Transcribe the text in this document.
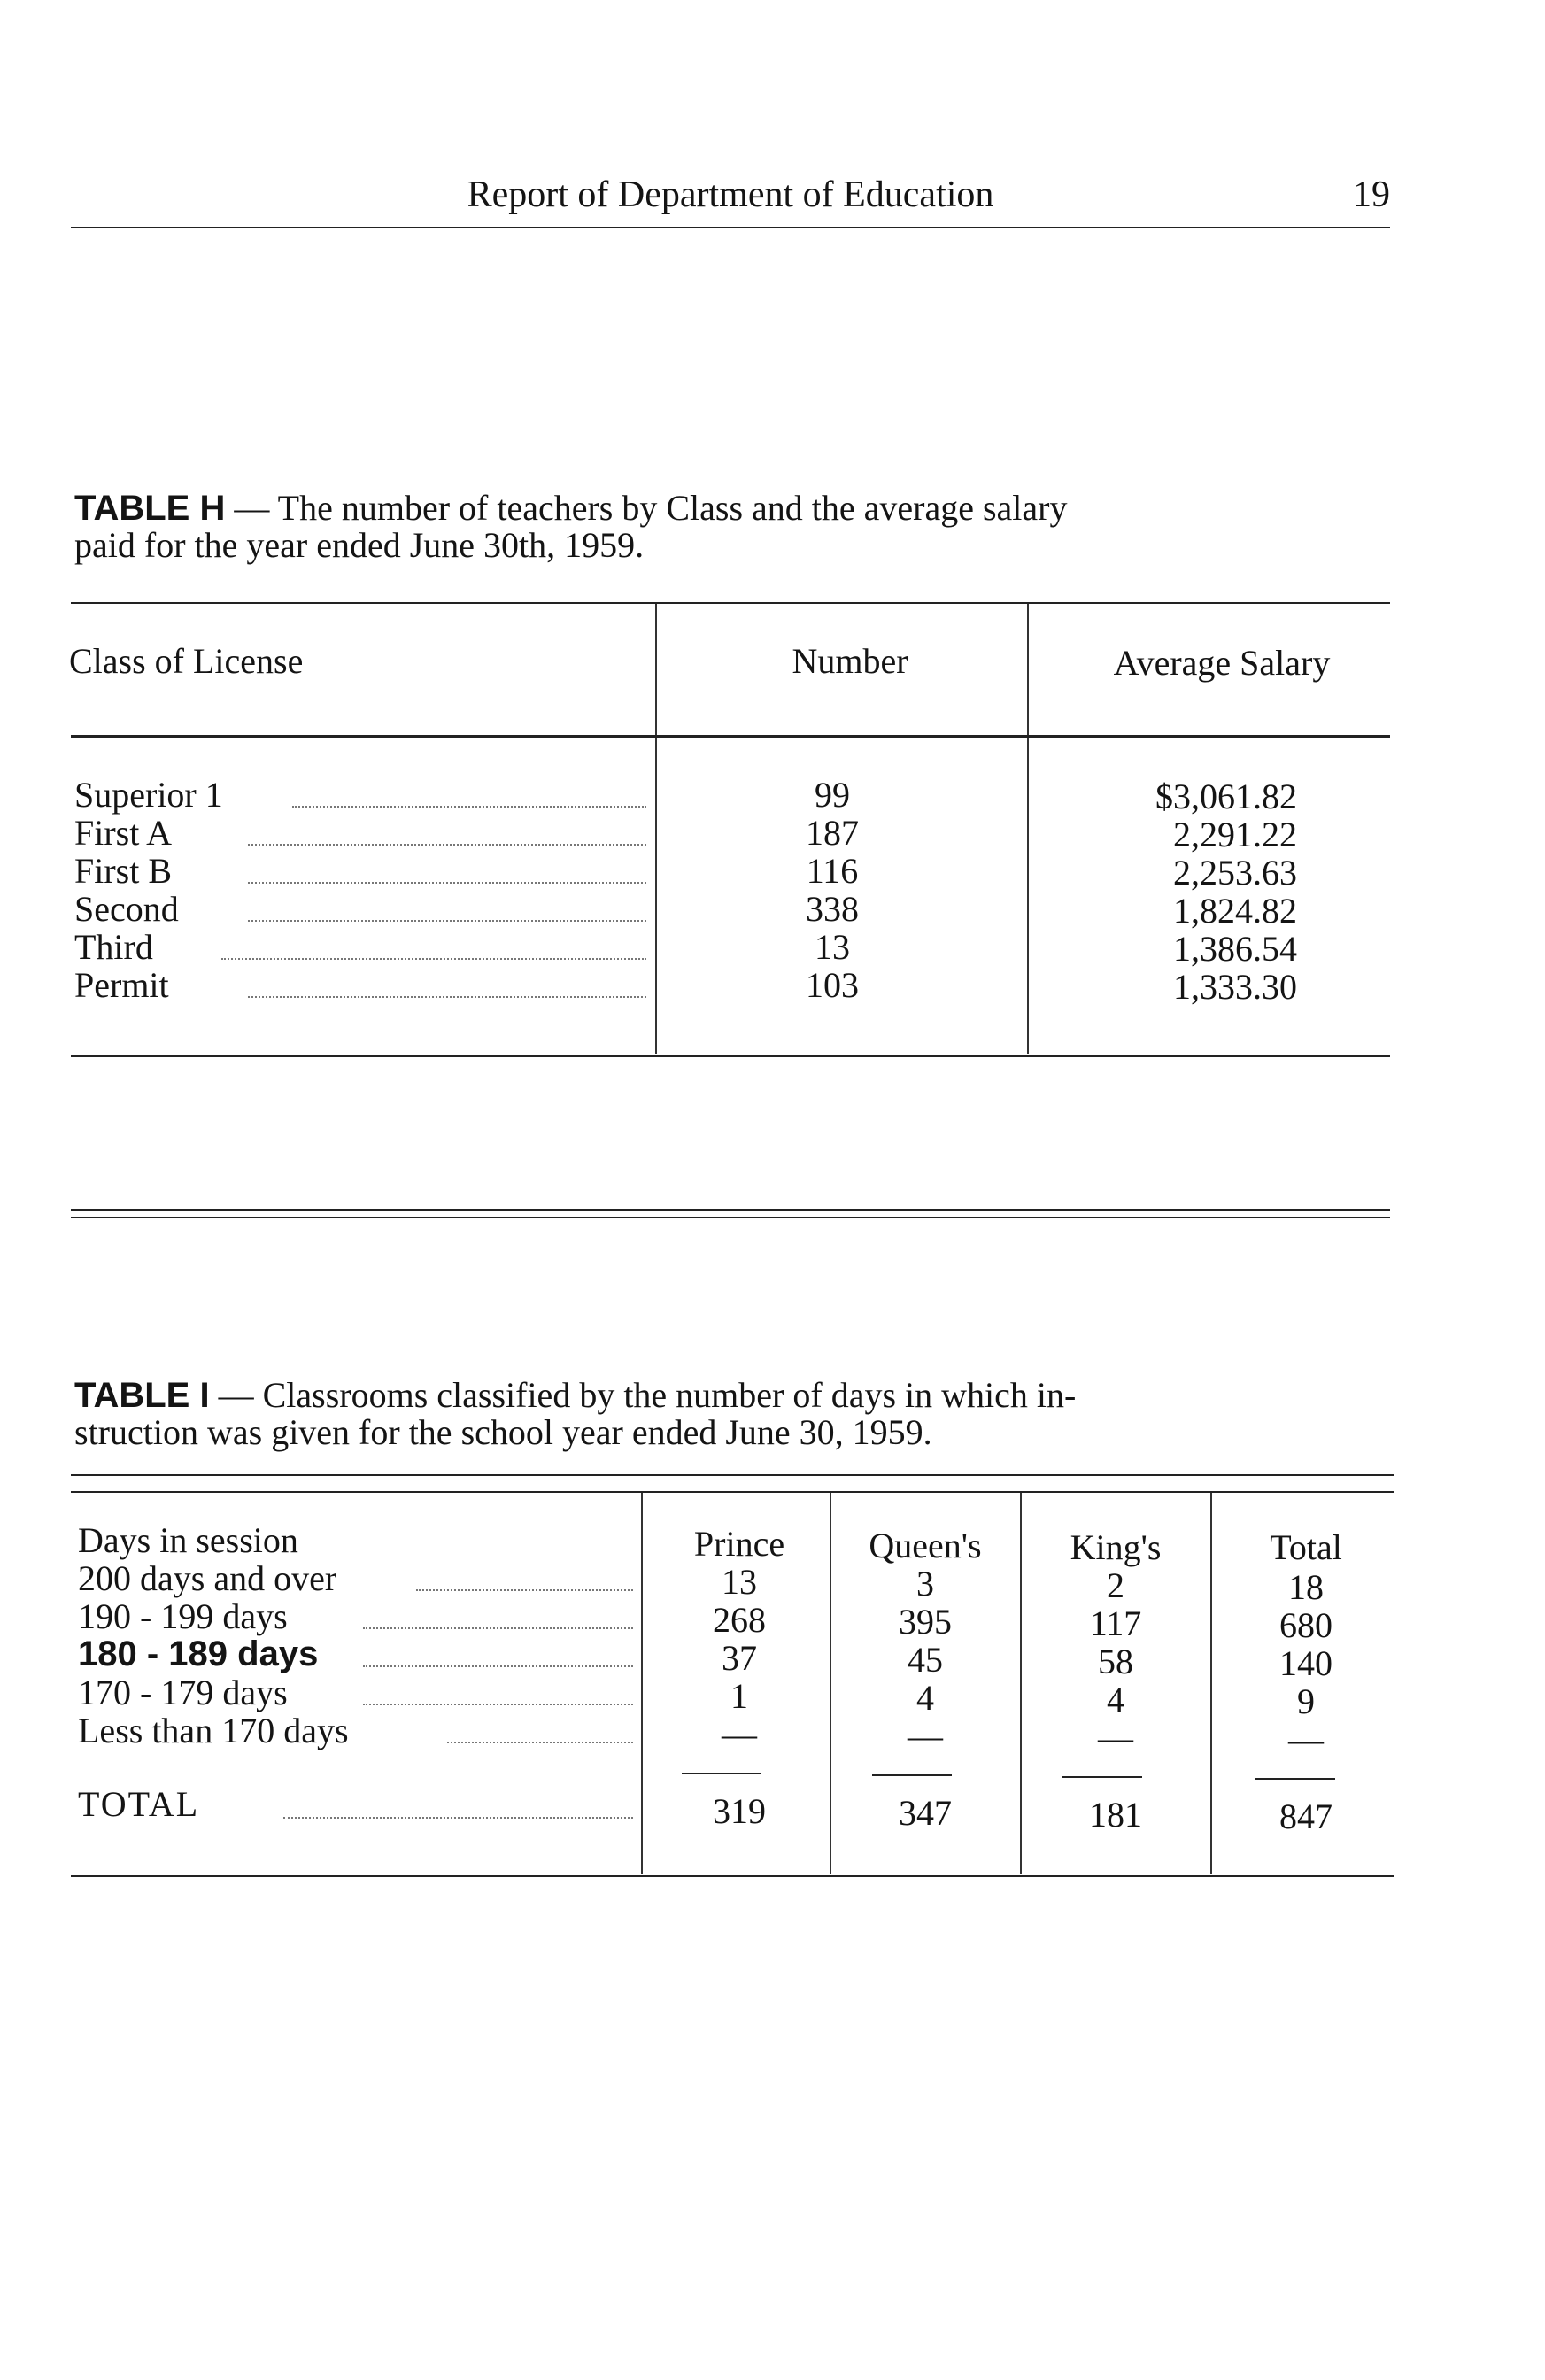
Report of Department of Education	19
TABLE H — The number of teachers by Class and the average salary
paid for the year ended June 30th, 1959.
Class of License	Number	Average Salary
Superior 1	99	$3,061.82
First A	187	2,291.22
First B	116	2,253.63
Second	338	1,824.82
Third	13	1,386.54
Permit	103	1,333.30
TABLE I — Classrooms classified by the number of days in which in-
struction was given for the school year ended June 30, 1959.
Days in session	Prince	Queen's	King's	Total
200 days and over	13	3	2	18
190 - 199 days	268	395	117	680
180 - 189 days	37	45	58	140
170 - 179 days	1	4	4	9
Less than 170 days	—	—	—	—
TOTAL	319	347	181	847
